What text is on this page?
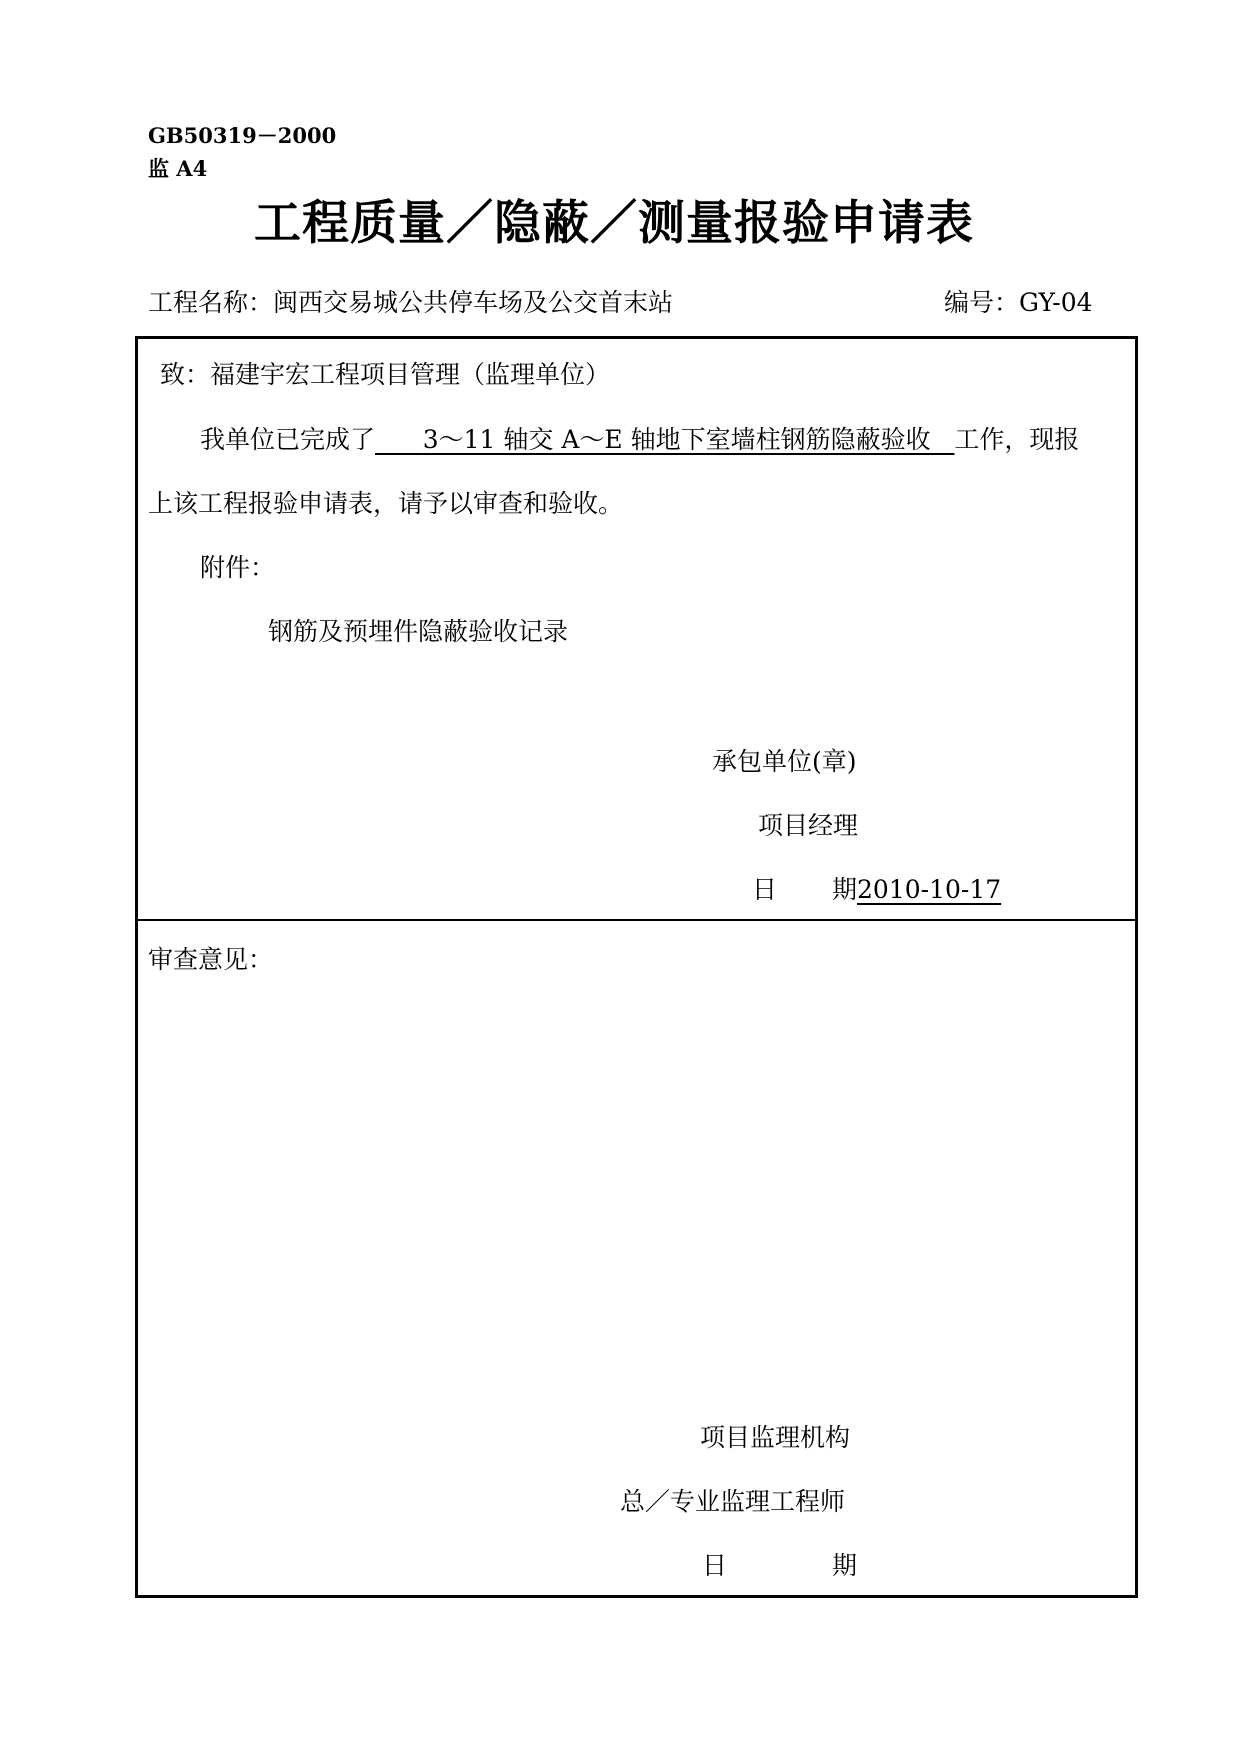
GB50319－2000
监 A4
工程质量／隐蔽／测量报验申请表
工程名称：闽西交易城公共停车场及公交首末站	编号：GY-04
致：福建宇宏工程项目管理（监理单位）
我单位已完成了 3～11 轴交 A～E 轴地下室墙柱钢筋隐蔽验收 工作，现报
上该工程报验申请表，请予以审查和验收。
附件：
钢筋及预埋件隐蔽验收记录
承包单位(章)
项目经理
日 期2010-10-17
审查意见：
项目监理机构
总／专业监理工程师
日	期
